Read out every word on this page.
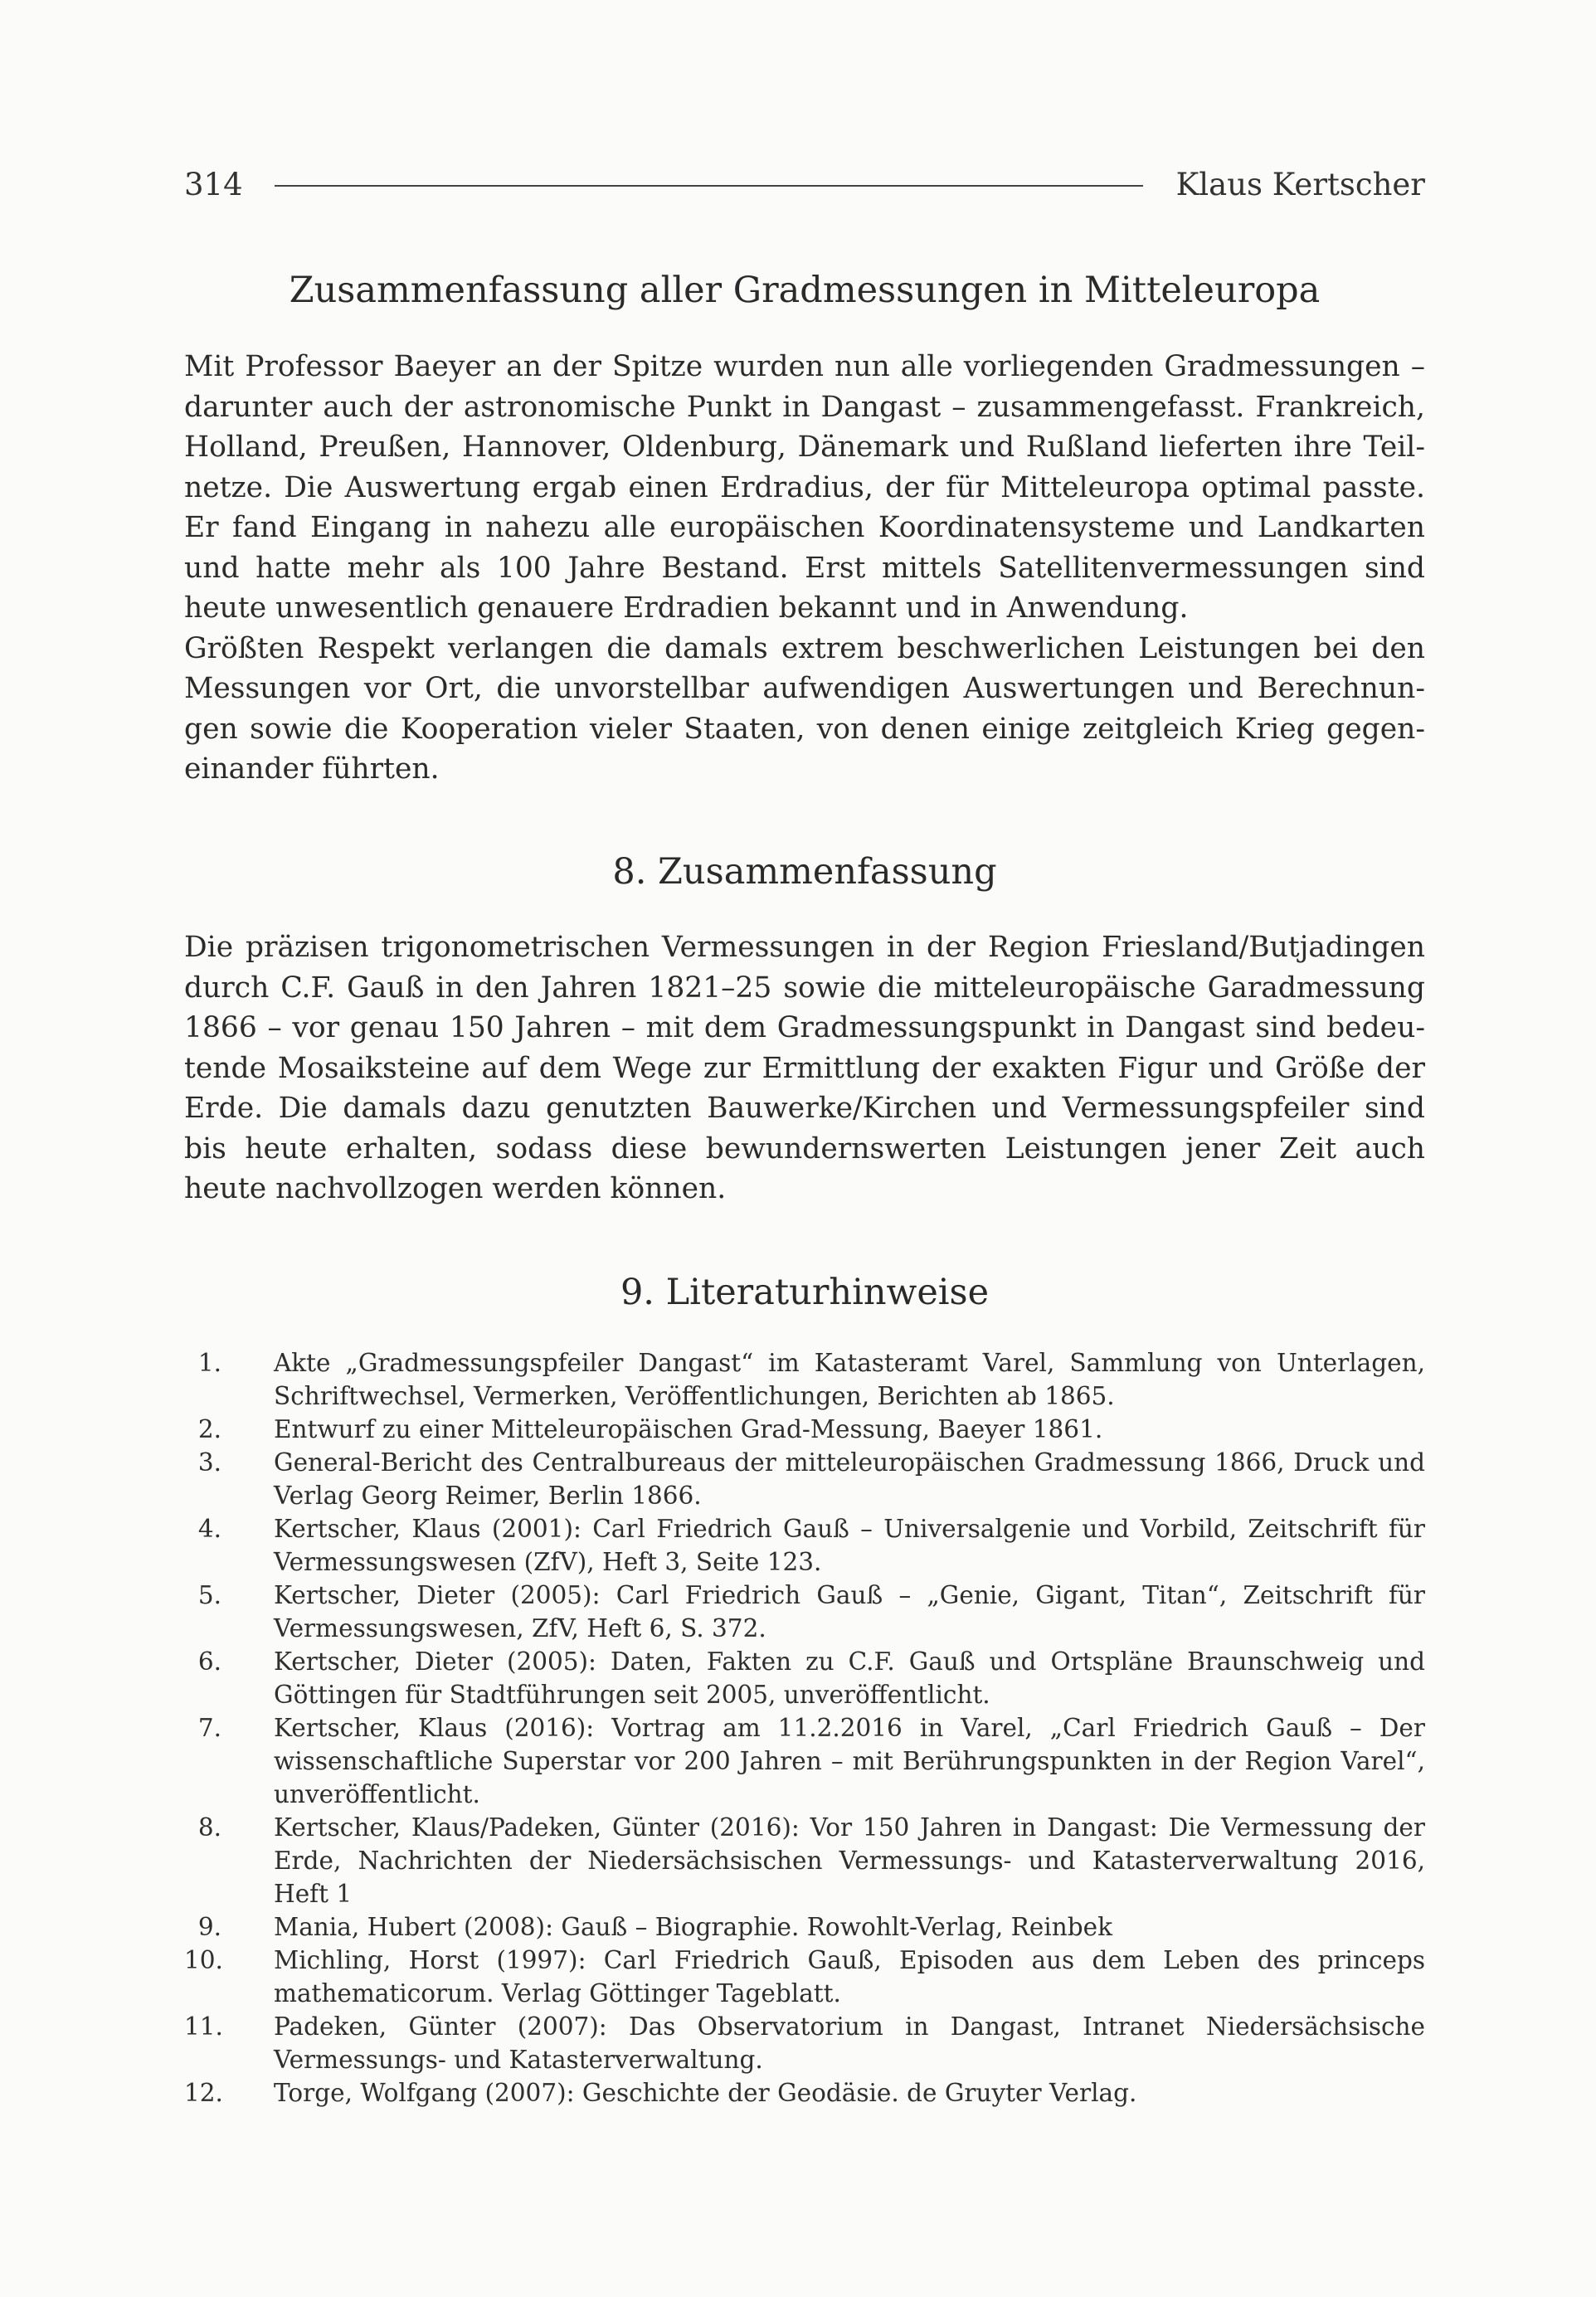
314	Klaus Kertscher
Zusammenfassung aller Gradmessungen in Mitteleuropa

Mit Professor Baeyer an der Spitze wurden nun alle vorliegenden Gradmessungen – darunter auch der astronomische Punkt in Dangast – zusammengefasst. Frankreich, Holland, Preußen, Hannover, Oldenburg, Dänemark und Rußland lieferten ihre Teilnetze. Die Auswertung ergab einen Erdradius, der für Mitteleuropa optimal passte. Er fand Eingang in nahezu alle europäischen Koordinatensysteme und Landkarten und hatte mehr als 100 Jahre Bestand. Erst mittels Satellitenvermessungen sind heute unwesentlich genauere Erdradien bekannt und in Anwendung.

Größten Respekt verlangen die damals extrem beschwerlichen Leistungen bei den Messungen vor Ort, die unvorstellbar aufwendigen Auswertungen und Berechnungen sowie die Kooperation vieler Staaten, von denen einige zeitgleich Krieg gegeneinander führten.

8. Zusammenfassung

Die präzisen trigonometrischen Vermessungen in der Region Friesland/Butjadingen durch C.F. Gauß in den Jahren 1821–25 sowie die mitteleuropäische Garadmessung 1866 – vor genau 150 Jahren – mit dem Gradmessungspunkt in Dangast sind bedeutende Mosaiksteine auf dem Wege zur Ermittlung der exakten Figur und Größe der Erde. Die damals dazu genutzten Bauwerke/Kirchen und Vermessungspfeiler sind bis heute erhalten, sodass diese bewundernswerten Leistungen jener Zeit auch heute nachvollzogen werden können.

9. Literaturhinweise
1. Akte „Gradmessungspfeiler Dangast“ im Katasteramt Varel, Sammlung von Unterlagen, Schriftwechsel, Vermerken, Veröffentlichungen, Berichten ab 1865.
2. Entwurf zu einer Mitteleuropäischen Grad-Messung, Baeyer 1861.
3. General-Bericht des Centralbureaus der mitteleuropäischen Gradmessung 1866, Druck und Verlag Georg Reimer, Berlin 1866.
4. Kertscher, Klaus (2001): Carl Friedrich Gauß – Universalgenie und Vorbild, Zeitschrift für Vermessungswesen (ZfV), Heft 3, Seite 123.
5. Kertscher, Dieter (2005): Carl Friedrich Gauß – „Genie, Gigant, Titan“, Zeitschrift für Vermessungswesen, ZfV, Heft 6, S. 372.
6. Kertscher, Dieter (2005): Daten, Fakten zu C.F. Gauß und Ortspläne Braunschweig und Göttingen für Stadtführungen seit 2005, unveröffentlicht.
7. Kertscher, Klaus (2016): Vortrag am 11.2.2016 in Varel, „Carl Friedrich Gauß – Der wissenschaftliche Superstar vor 200 Jahren – mit Berührungspunkten in der Region Varel“, unveröffentlicht.
8. Kertscher, Klaus/Padeken, Günter (2016): Vor 150 Jahren in Dangast: Die Vermessung der Erde, Nachrichten der Niedersächsischen Vermessungs- und Katasterverwaltung 2016, Heft 1
9. Mania, Hubert (2008): Gauß – Biographie. Rowohlt-Verlag, Reinbek
10. Michling, Horst (1997): Carl Friedrich Gauß, Episoden aus dem Leben des princeps mathematicorum. Verlag Göttinger Tageblatt.
11. Padeken, Günter (2007): Das Observatorium in Dangast, Intranet Niedersächsische Vermessungs- und Katasterverwaltung.
12. Torge, Wolfgang (2007): Geschichte der Geodäsie. de Gruyter Verlag.
